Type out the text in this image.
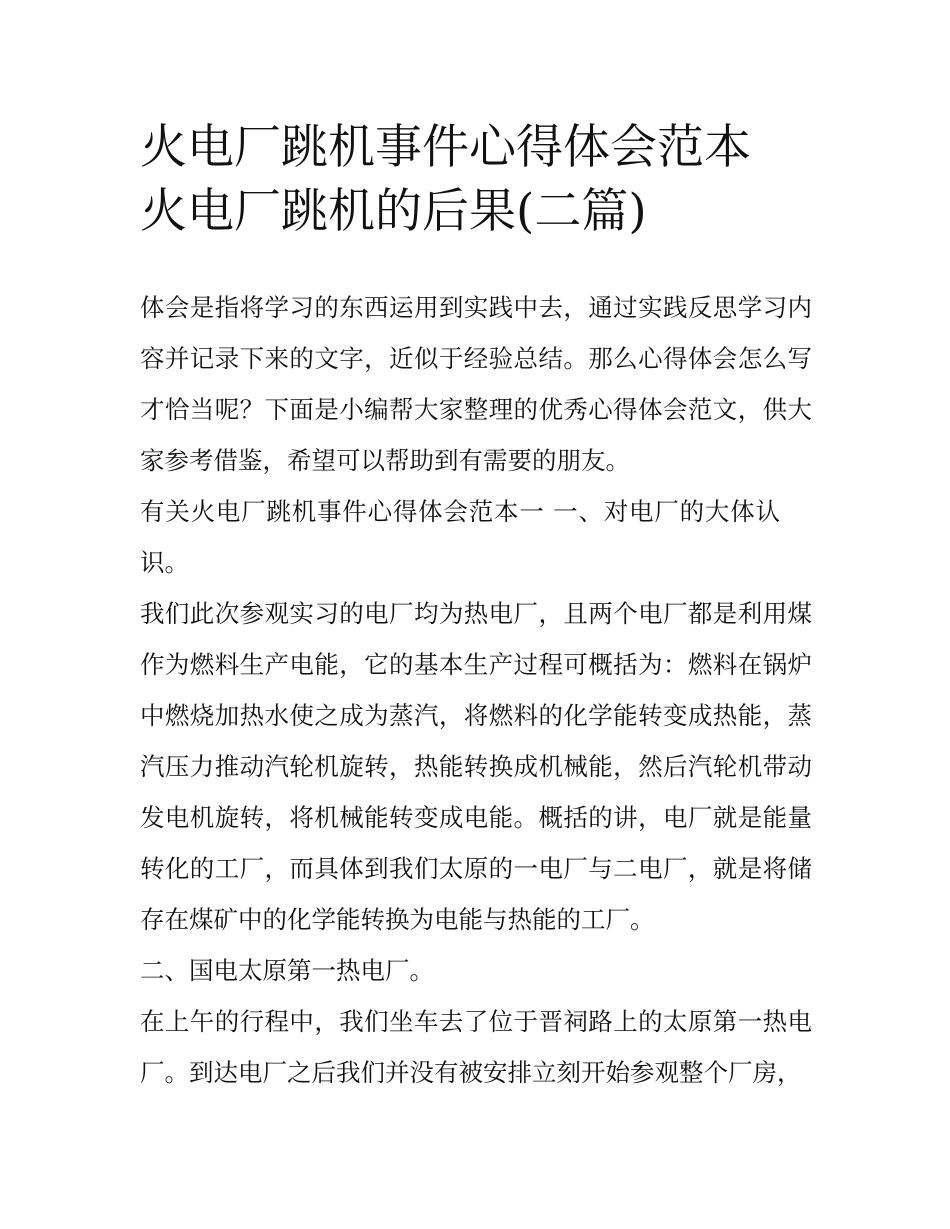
火电厂跳机事件心得体会范本
火电厂跳机的后果(二篇)

体会是指将学习的东西运用到实践中去，通过实践反思学习内容并记录下来的文字，近似于经验总结。那么心得体会怎么写才恰当呢？下面是小编帮大家整理的优秀心得体会范文，供大家参考借鉴，希望可以帮助到有需要的朋友。

有关火电厂跳机事件心得体会范本一 一、对电厂的大体认识。

我们此次参观实习的电厂均为热电厂，且两个电厂都是利用煤作为燃料生产电能，它的基本生产过程可概括为：燃料在锅炉中燃烧加热水使之成为蒸汽，将燃料的化学能转变成热能，蒸汽压力推动汽轮机旋转，热能转换成机械能，然后汽轮机带动发电机旋转，将机械能转变成电能。概括的讲，电厂就是能量转化的工厂，而具体到我们太原的一电厂与二电厂，就是将储存在煤矿中的化学能转换为电能与热能的工厂。

二、国电太原第一热电厂。

在上午的行程中，我们坐车去了位于晋祠路上的太原第一热电厂。到达电厂之后我们并没有被安排立刻开始参观整个厂房，
